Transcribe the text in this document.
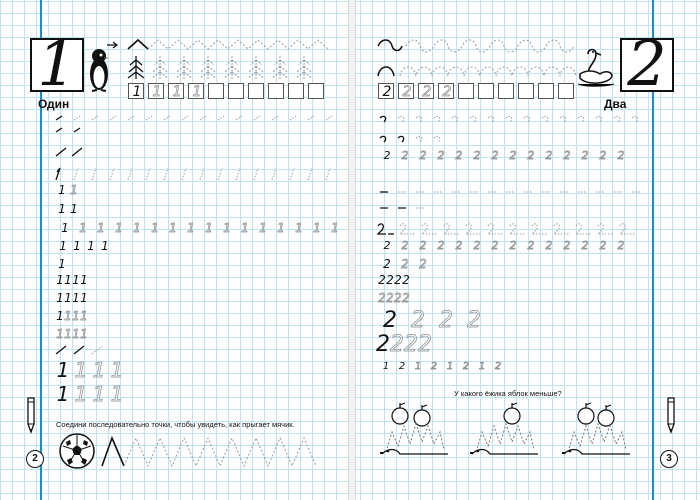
1
Один
1 1 1 1
1 1
1 1
1 1 1 1 1 1 1 1 1 1 1 1 1 1 1 1
1 1 1 1
1
1 1 1 1
1 1 1 1
1 1 1 1
1 1 1 1
1 1 1 1
1 1 1 1
Соедини последовательно точки, чтобы увидеть, как прыгает мячик.
2
2
Два
2 2 2 2
2	2	2	2	2	2	2	2	2	2	2	2	2	2
2	2	2	2	2	2	2	2	2	2	2	2	2	2
2 2 2
2 2 2 2
2 2 2 2
2 2 2 2
2 2 2 2
1 2 1 2 1 2 1 2
У какого ёжика яблок меньше?
3
